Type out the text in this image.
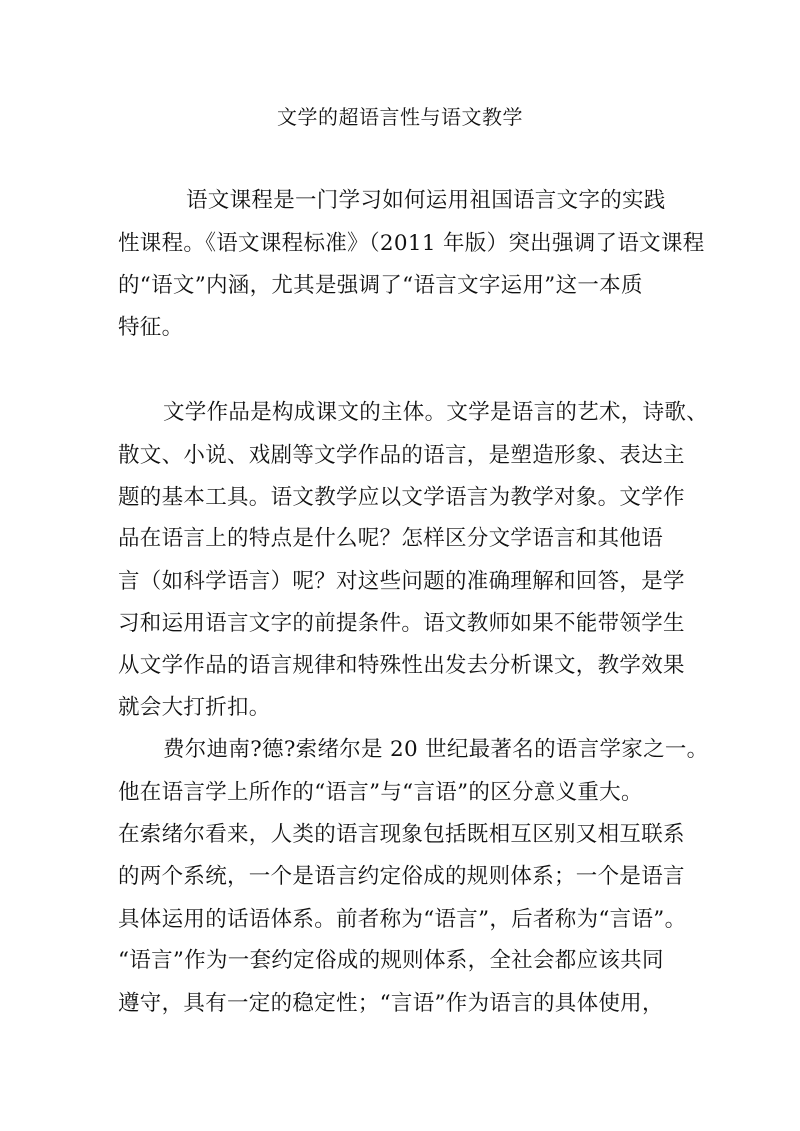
文学的超语言性与语文教学
语文课程是一门学习如何运用祖国语言文字的实践
性课程。《语文课程标准》（2011 年版）突出强调了语文课程
的“语文”内涵，尤其是强调了“语言文字运用”这一本质
特征。
文学作品是构成课文的主体。文学是语言的艺术，诗歌、
散文、小说、戏剧等文学作品的语言，是塑造形象、表达主
题的基本工具。语文教学应以文学语言为教学对象。文学作
品在语言上的特点是什么呢？怎样区分文学语言和其他语
言（如科学语言）呢？对这些问题的准确理解和回答，是学
习和运用语言文字的前提条件。语文教师如果不能带领学生
从文学作品的语言规律和特殊性出发去分析课文，教学效果
就会大打折扣。
费尔迪南?德?索绪尔是 20 世纪最著名的语言学家之一。
他在语言学上所作的“语言”与“言语”的区分意义重大。
在索绪尔看来，人类的语言现象包括既相互区别又相互联系
的两个系统，一个是语言约定俗成的规则体系；一个是语言
具体运用的话语体系。前者称为“语言”，后者称为“言语”。
“语言”作为一套约定俗成的规则体系，全社会都应该共同
遵守，具有一定的稳定性；“言语”作为语言的具体使用，
